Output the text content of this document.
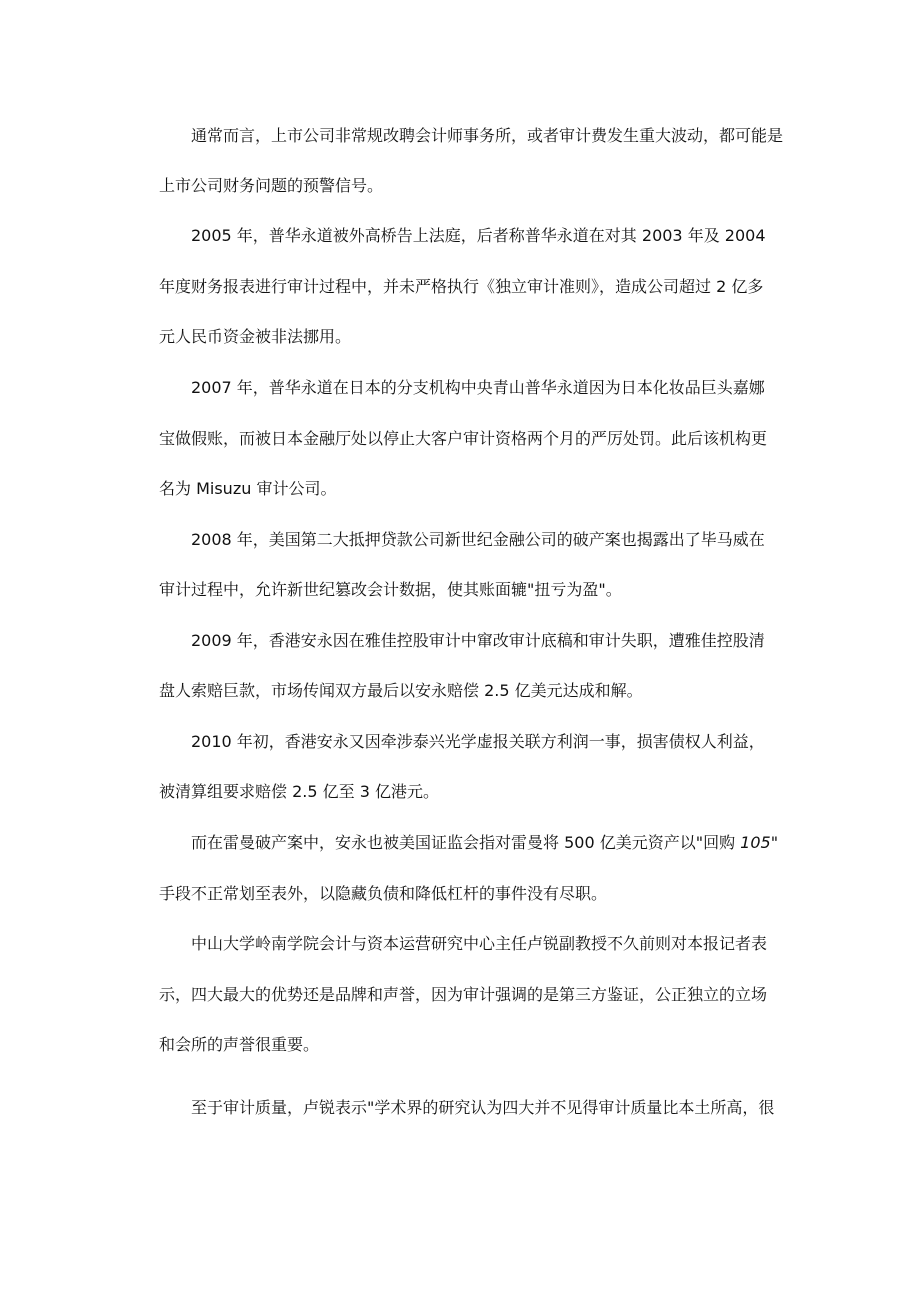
通常而言，上市公司非常规改聘会计师事务所，或者审计费发生重大波动，都可能是
上市公司财务问题的预警信号。
2005 年，普华永道被外高桥告上法庭，后者称普华永道在对其 2003 年及 2004
年度财务报表进行审计过程中，并未严格执行《独立审计准则》，造成公司超过 2 亿多
元人民币资金被非法挪用。
2007 年，普华永道在日本的分支机构中央青山普华永道因为日本化妆品巨头嘉娜
宝做假账，而被日本金融厅处以停止大客户审计资格两个月的严厉处罚。此后该机构更
名为 Misuzu 审计公司。
2008 年，美国第二大抵押贷款公司新世纪金融公司的破产案也揭露出了毕马威在
审计过程中，允许新世纪篡改会计数据，使其账面辘"扭亏为盈"。
2009 年，香港安永因在雅佳控股审计中窜改审计底稿和审计失职，遭雅佳控股清
盘人索赔巨款，市场传闻双方最后以安永赔偿 2.5 亿美元达成和解。
2010 年初，香港安永又因牵涉泰兴光学虚报关联方利润一事，损害债权人利益，
被清算组要求赔偿 2.5 亿至 3 亿港元。
而在雷曼破产案中，安永也被美国证监会指对雷曼将 500 亿美元资产以"回购 105"
手段不正常划至表外，以隐藏负债和降低杠杆的事件没有尽职。
中山大学岭南学院会计与资本运营研究中心主任卢锐副教授不久前则对本报记者表
示，四大最大的优势还是品牌和声誉，因为审计强调的是第三方鉴证，公正独立的立场
和会所的声誉很重要。
至于审计质量，卢锐表示"学术界的研究认为四大并不见得审计质量比本土所高，很
